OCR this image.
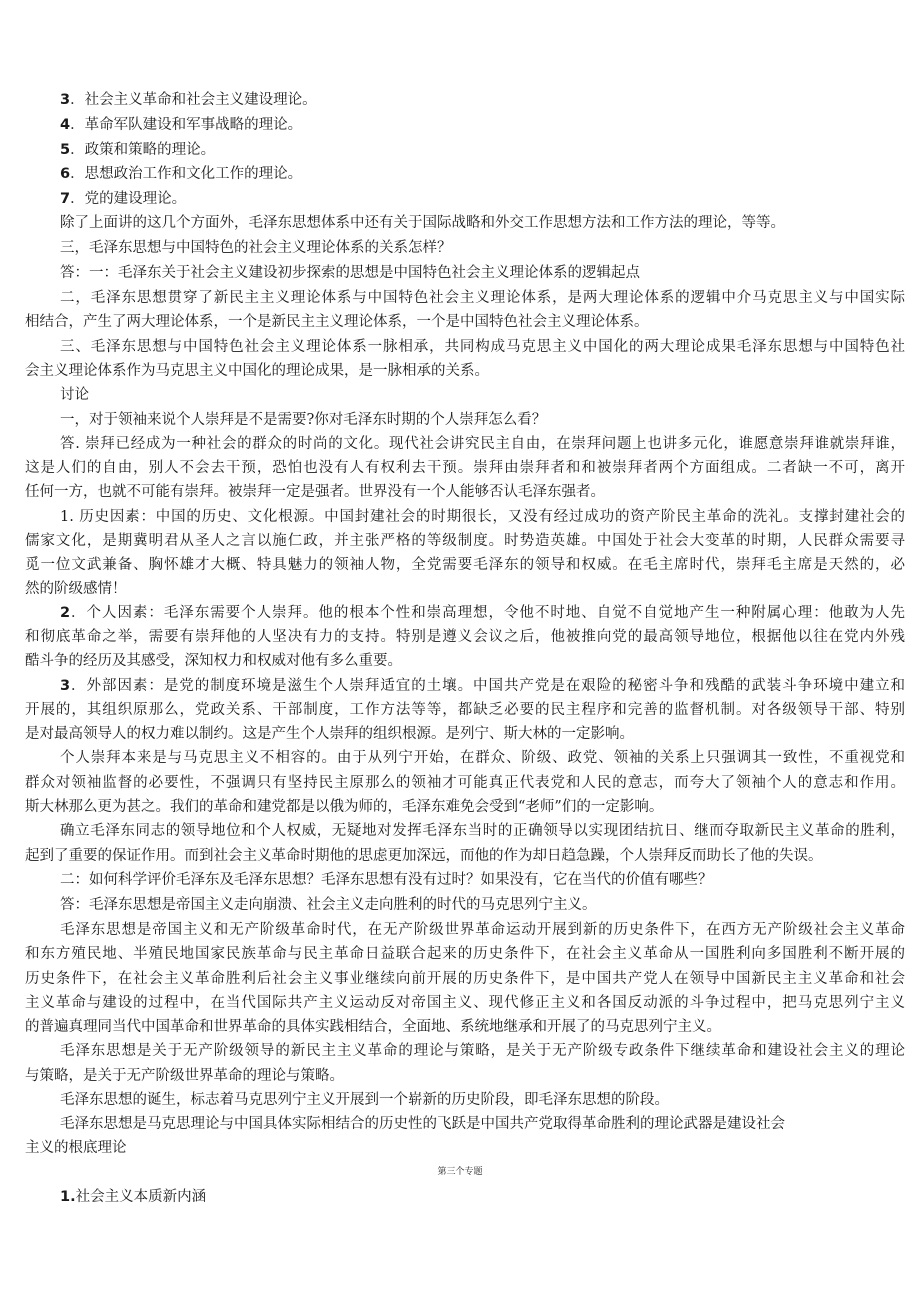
3．社会主义革命和社会主义建设理论。
4．革命军队建设和军事战略的理论。
5．政策和策略的理论。
6．思想政治工作和文化工作的理论。
7．党的建设理论。
除了上面讲的这几个方面外，毛泽东思想体系中还有关于国际战略和外交工作思想方法和工作方法的理论，等等。
三，毛泽东思想与中国特色的社会主义理论体系的关系怎样？
答：一：毛泽东关于社会主义建设初步探索的思想是中国特色社会主义理论体系的逻辑起点
二，毛泽东思想贯穿了新民主主义理论体系与中国特色社会主义理论体系，是两大理论体系的逻辑中介马克思主义与中国实际
相结合，产生了两大理论体系，一个是新民主主义理论体系，一个是中国特色社会主义理论体系。
三、毛泽东思想与中国特色社会主义理论体系一脉相承，共同构成马克思主义中国化的两大理论成果毛泽东思想与中国特色社
会主义理论体系作为马克思主义中国化的理论成果，是一脉相承的关系。
讨论
一，对于领袖来说个人崇拜是不是需要?你对毛泽东时期的个人崇拜怎么看？
答. 崇拜已经成为一种社会的群众的时尚的文化。现代社会讲究民主自由，在崇拜问题上也讲多元化，谁愿意崇拜谁就崇拜谁，
这是人们的自由，别人不会去干预，恐怕也没有人有权利去干预。崇拜由崇拜者和和被崇拜者两个方面组成。二者缺一不可，离开
任何一方，也就不可能有崇拜。被崇拜一定是强者。世界没有一个人能够否认毛泽东强者。
1. 历史因素：中国的历史、文化根源。中国封建社会的时期很长，又没有经过成功的资产阶民主革命的洗礼。支撑封建社会的
儒家文化，是期冀明君从圣人之言以施仁政，并主张严格的等级制度。时势造英雄。中国处于社会大变革的时期，人民群众需要寻
觅一位文武兼备、胸怀雄才大概、特具魅力的领袖人物，全党需要毛泽东的领导和权威。在毛主席时代，崇拜毛主席是天然的，必
然的阶级感情！
2．个人因素：毛泽东需要个人崇拜。他的根本个性和崇高理想，令他不时地、自觉不自觉地产生一种附属心理：他敢为人先
和彻底革命之举，需要有崇拜他的人坚决有力的支持。特别是遵义会议之后，他被推向党的最高领导地位，根据他以往在党内外残
酷斗争的经历及其感受，深知权力和权威对他有多么重要。
3．外部因素：是党的制度环境是滋生个人崇拜适宜的土壤。中国共产党是在艰险的秘密斗争和残酷的武装斗争环境中建立和
开展的，其组织原那么，党政关系、干部制度，工作方法等等，都缺乏必要的民主程序和完善的监督机制。对各级领导干部、特别
是对最高领导人的权力难以制约。这是产生个人崇拜的组织根源。是列宁、斯大林的一定影响。
个人崇拜本来是与马克思主义不相容的。由于从列宁开始，在群众、阶级、政党、领袖的关系上只强调其一致性，不重视党和
群众对领袖监督的必要性，不强调只有坚持民主原那么的领袖才可能真正代表党和人民的意志，而夸大了领袖个人的意志和作用。
斯大林那么更为甚之。我们的革命和建党都是以俄为师的，毛泽东难免会受到“老师”们的一定影响。
确立毛泽东同志的领导地位和个人权威，无疑地对发挥毛泽东当时的正确领导以实现团结抗日、继而夺取新民主义革命的胜利，
起到了重要的保证作用。而到社会主义革命时期他的思虑更加深远，而他的作为却日趋急躁，个人崇拜反而助长了他的失误。
二：如何科学评价毛泽东及毛泽东思想？毛泽东思想有没有过时？如果没有，它在当代的价值有哪些？
答：毛泽东思想是帝国主义走向崩溃、社会主义走向胜利的时代的马克思列宁主义。
毛泽东思想是帝国主义和无产阶级革命时代，在无产阶级世界革命运动开展到新的历史条件下，在西方无产阶级社会主义革命
和东方殖民地、半殖民地国家民族革命与民主革命日益联合起来的历史条件下，在社会主义革命从一国胜利向多国胜利不断开展的
历史条件下，在社会主义革命胜利后社会主义事业继续向前开展的历史条件下，是中国共产党人在领导中国新民主主义革命和社会
主义革命与建设的过程中，在当代国际共产主义运动反对帝国主义、现代修正主义和各国反动派的斗争过程中，把马克思列宁主义
的普遍真理同当代中国革命和世界革命的具体实践相结合，全面地、系统地继承和开展了的马克思列宁主义。
毛泽东思想是关于无产阶级领导的新民主主义革命的理论与策略，是关于无产阶级专政条件下继续革命和建设社会主义的理论
与策略，是关于无产阶级世界革命的理论与策略。
毛泽东思想的诞生，标志着马克思列宁主义开展到一个崭新的历史阶段，即毛泽东思想的阶段。
毛泽东思想是马克思理论与中国具体实际相结合的历史性的飞跃是中国共产党取得革命胜利的理论武器是建设社会
主义的根底理论
第三个专题
1.社会主义本质新内涵
